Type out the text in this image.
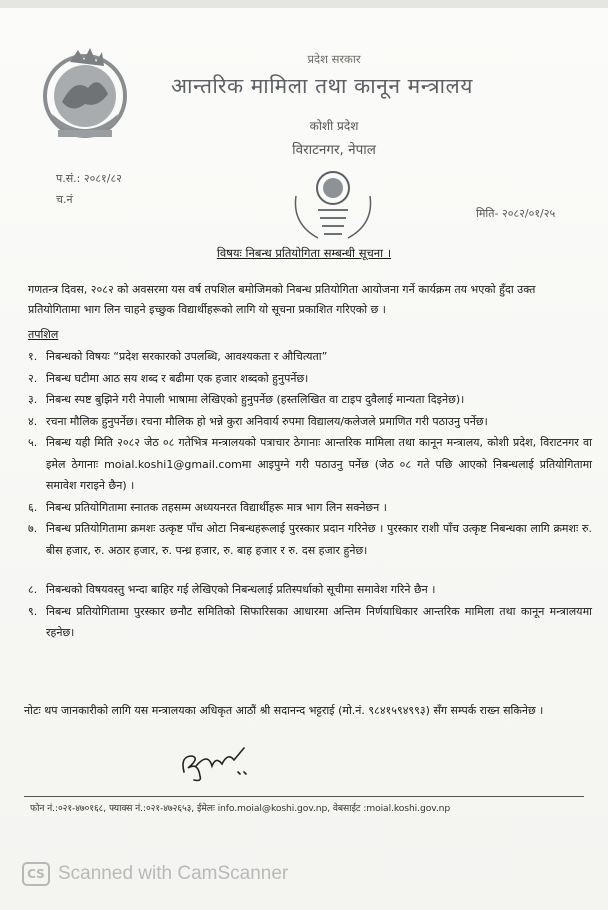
प्रदेश सरकार
आन्तरिक मामिला तथा कानून मन्त्रालय
कोशी प्रदेश
विराटनगर, नेपाल
प.सं.: २०८१/८२
च.नं
मिति- २०८२/०१/२५
विषयः निबन्ध प्रतियोगिता सम्बन्धी सूचना ।
गणतन्त्र दिवस, २०८२ को अवसरमा यस वर्ष तपशिल बमोजिमको निबन्ध प्रतियोगिता आयोजना गर्ने कार्यक्रम तय भएको हुँदा उक्त प्रतियोगितामा भाग लिन चाहने इच्छुक विद्यार्थीहरूको लागि यो सूचना प्रकाशित गरिएको छ ।
तपशिल
१. निबन्धको विषयः “प्रदेश सरकारको उपलब्धि, आवश्यकता र औचित्यता”
२. निबन्ध घटीमा आठ सय शब्द र बढीमा एक हजार शब्दको हुनुपर्नेछ।
३. निबन्ध स्पष्ट बुझिने गरी नेपाली भाषामा लेखिएको हुनुपर्नेछ (हस्तलिखित वा टाइप दुवैलाई मान्यता दिइनेछ)।
४. रचना मौलिक हुनुपर्नेछ। रचना मौलिक हो भन्ने कुरा अनिवार्य रुपमा विद्यालय/कलेजले प्रमाणित गरी पठाउनु पर्नेछ।
५. निबन्ध यही मिति २०८२ जेठ ०८ गतेभित्र मन्त्रालयको पत्राचार ठेगानाः आन्तरिक मामिला तथा कानून मन्त्रालय, कोशी प्रदेश, विराटनगर वा इमेल ठेगानाः moial.koshi1@gmail.comमा आइपुग्ने गरी पठाउनु पर्नेछ (जेठ ०८ गते पछि आएको निबन्धलाई प्रतियोगितामा समावेश गराइने छैन) ।
६. निबन्ध प्रतियोगितामा स्नातक तहसम्म अध्ययनरत विद्यार्थीहरू मात्र भाग लिन सक्नेछन ।
७. निबन्ध प्रतियोगितामा क्रमशः उत्कृष्ट पाँच ओटा निबन्धहरूलाई पुरस्कार प्रदान गरिनेछ । पुरस्कार राशी पाँच उत्कृष्ट निबन्धका लागि क्रमशः रु. बीस हजार, रु. अठार हजार, रु. पन्ध्र हजार, रु. बाह हजार र रु. दस हजार हुनेछ।
८. निबन्धको विषयवस्तु भन्दा बाहिर गई लेखिएको निबन्धलाई प्रतिस्पर्धाको सूचीमा समावेश गरिने छैन ।
९. निबन्ध प्रतियोगितामा पुरस्कार छनौट समितिको सिफारिसका आधारमा अन्तिम निर्णयाधिकार आन्तरिक मामिला तथा कानून मन्त्रालयमा रहनेछ।
नोटः थप जानकारीको लागि यस मन्त्रालयका अधिकृत आठौं श्री सदानन्द भट्टराई (मो.नं. ९८४१५९४९९३) सँग सम्पर्क राख्न सकिनेछ ।
फोन नं.:०२१-४७०१६८, फ्याक्स नं.:०२१-४७२६५३, ईमेलः info.moial@koshi.gov.np, वेबसाईट :moial.koshi.gov.np
CS Scanned with CamScanner
